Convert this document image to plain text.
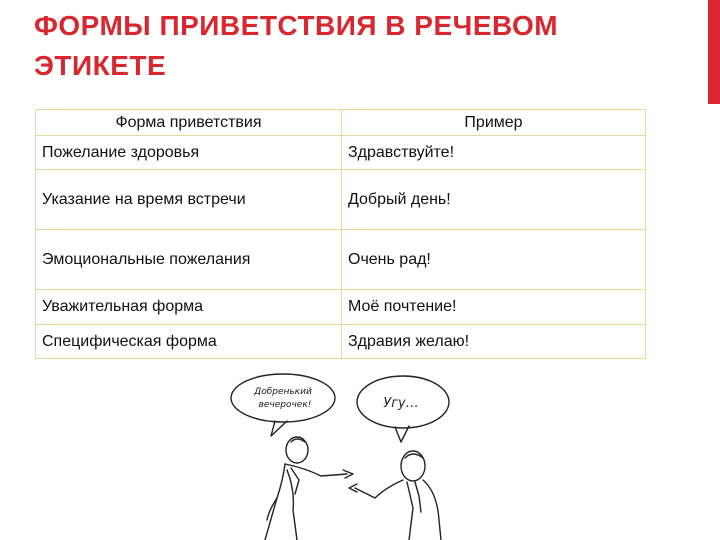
ФОРМЫ ПРИВЕТСТВИЯ В РЕЧЕВОМ ЭТИКЕТЕ
Форма приветствия	Пример
Пожелание здоровья	Здравствуйте!
Указание на время встречи	Добрый день!
Эмоциональные пожелания	Очень рад!
Уважительная форма	Моё почтение!
Специфическая форма	Здравия желаю!
Добренький
вечерочек!	Угу…
